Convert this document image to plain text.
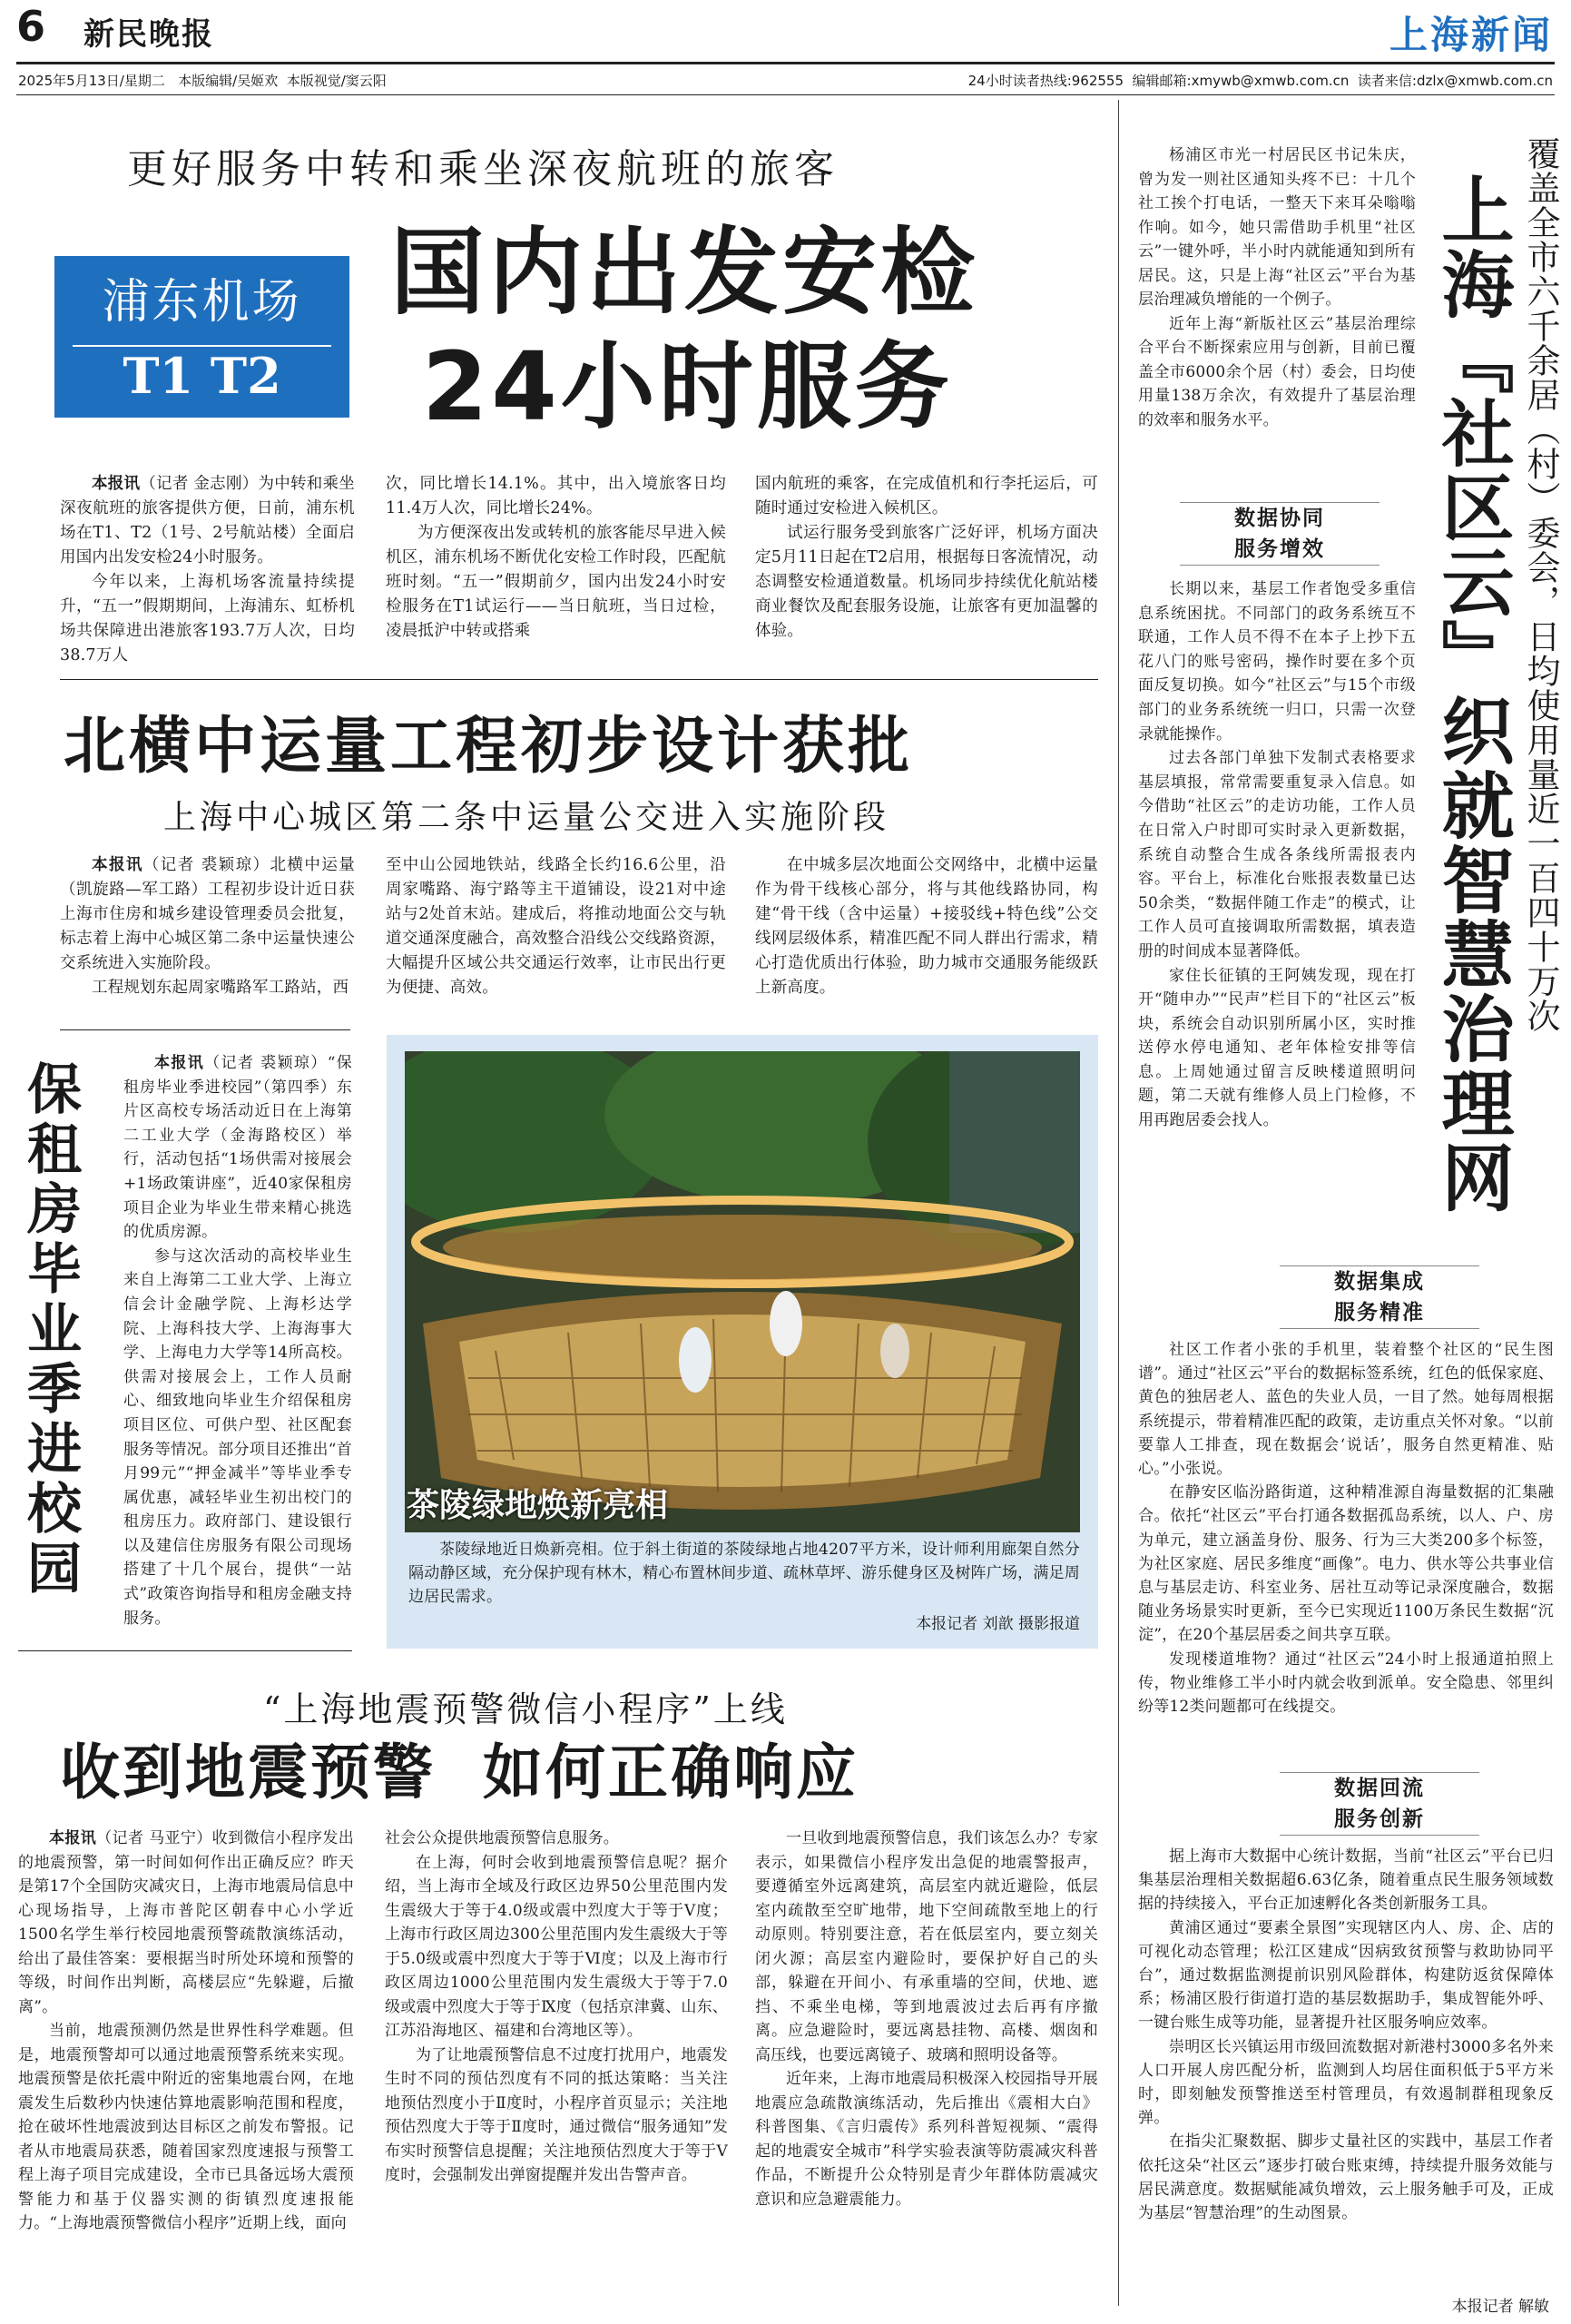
6 新民晚报	上海新闻
2025年5月13日/星期二   本版编辑/吴姬欢  本版视觉/窦云阳	24小时读者热线:962555  编辑邮箱:xmywb@xmwb.com.cn  读者来信:dzlx@xmwb.com.cn
更好服务中转和乘坐深夜航班的旅客
浦东机场
T1 T2
国内出发安检
24小时服务

本报讯（记者 金志刚）为中转和乘坐深夜航班的旅客提供方便，日前，浦东机场在T1、T2（1号、2号航站楼）全面启用国内出发安检24小时服务。

今年以来，上海机场客流量持续提升，“五一”假期期间，上海浦东、虹桥机场共保障进出港旅客193.7万人次，日均38.7万人

次，同比增长14.1%。其中，出入境旅客日均11.4万人次，同比增长24%。

为方便深夜出发或转机的旅客能尽早进入候机区，浦东机场不断优化安检工作时段，匹配航班时刻。“五一”假期前夕，国内出发24小时安检服务在T1试运行——当日航班，当日过检，凌晨抵沪中转或搭乘

国内航班的乘客，在完成值机和行李托运后，可随时通过安检进入候机区。

试运行服务受到旅客广泛好评，机场方面决定5月11日起在T2启用，根据每日客流情况，动态调整安检通道数量。机场同步持续优化航站楼商业餐饮及配套服务设施，让旅客有更加温馨的体验。

北横中运量工程初步设计获批
上海中心城区第二条中运量公交进入实施阶段

本报讯（记者 裘颖琼）北横中运量（凯旋路—军工路）工程初步设计近日获上海市住房和城乡建设管理委员会批复，标志着上海中心城区第二条中运量快速公交系统进入实施阶段。

工程规划东起周家嘴路军工路站，西

至中山公园地铁站，线路全长约16.6公里，沿周家嘴路、海宁路等主干道铺设，设21对中途站与2处首末站。建成后，将推动地面公交与轨道交通深度融合，高效整合沿线公交线路资源，大幅提升区域公共交通运行效率，让市民出行更为便捷、高效。

在中城多层次地面公交网络中，北横中运量作为骨干线核心部分，将与其他线路协同，构建“骨干线（含中运量）+接驳线+特色线”公交线网层级体系，精准匹配不同人群出行需求，精心打造优质出行体验，助力城市交通服务能级跃上新高度。

保租房毕业季进校园	本报讯（记者 裘颖琼）“保租房毕业季进校园”（第四季）东片区高校专场活动近日在上海第二工业大学（金海路校区）举行，活动包括“1场供需对接展会+1场政策讲座”，近40家保租房项目企业为毕业生带来精心挑选的优质房源。

参与这次活动的高校毕业生来自上海第二工业大学、上海立信会计金融学院、上海杉达学院、上海科技大学、上海海事大学、上海电力大学等14所高校。供需对接展会上，工作人员耐心、细致地向毕业生介绍保租房项目区位、可供户型、社区配套服务等情况。部分项目还推出“首月99元”“押金减半”等毕业季专属优惠，减轻毕业生初出校门的租房压力。政府部门、建设银行以及建信住房服务有限公司现场搭建了十几个展台，提供“一站式”政策咨询指导和租房金融支持服务。

茶陵绿地焕新亮相

茶陵绿地近日焕新亮相。位于斜土街道的茶陵绿地占地4207平方米，设计师利用廊架自然分隔动静区域，充分保护现有林木，精心布置林间步道、疏林草坪、游乐健身区及树阵广场，满足周边居民需求。

本报记者 刘歆 摄影报道
“上海地震预警微信小程序”上线
收到地震预警  如何正确响应

本报讯（记者 马亚宁）收到微信小程序发出的地震预警，第一时间如何作出正确反应？昨天是第17个全国防灾减灾日，上海市地震局信息中心现场指导，上海市普陀区朝春中心小学近1500名学生举行校园地震预警疏散演练活动，给出了最佳答案：要根据当时所处环境和预警的等级，时间作出判断，高楼层应“先躲避，后撤离”。

当前，地震预测仍然是世界性科学难题。但是，地震预警却可以通过地震预警系统来实现。地震预警是依托震中附近的密集地震台网，在地震发生后数秒内快速估算地震影响范围和程度，抢在破坏性地震波到达目标区之前发布警报。记者从市地震局获悉，随着国家烈度速报与预警工程上海子项目完成建设，全市已具备远场大震预警能力和基于仪器实测的街镇烈度速报能力。“上海地震预警微信小程序”近期上线，面向

社会公众提供地震预警信息服务。

在上海，何时会收到地震预警信息呢？据介绍，当上海市全域及行政区边界50公里范围内发生震级大于等于4.0级或震中烈度大于等于Ⅴ度；上海市行政区周边300公里范围内发生震级大于等于5.0级或震中烈度大于等于Ⅵ度；以及上海市行政区周边1000公里范围内发生震级大于等于7.0级或震中烈度大于等于Ⅸ度（包括京津冀、山东、江苏沿海地区、福建和台湾地区等）。

为了让地震预警信息不过度打扰用户，地震发生时不同的预估烈度有不同的抵达策略：当关注地预估烈度小于Ⅱ度时，小程序首页显示；关注地预估烈度大于等于Ⅱ度时，通过微信“服务通知”发布实时预警信息提醒；关注地预估烈度大于等于Ⅴ度时，会强制发出弹窗提醒并发出告警声音。

一旦收到地震预警信息，我们该怎么办？专家表示，如果微信小程序发出急促的地震警报声，要遵循室外远离建筑，高层室内就近避险，低层室内疏散至空旷地带，地下空间疏散至地上的行动原则。特别要注意，若在低层室内，要立刻关闭火源；高层室内避险时，要保护好自己的头部，躲避在开间小、有承重墙的空间，伏地、遮挡、不乘坐电梯，等到地震波过去后再有序撤离。应急避险时，要远离悬挂物、高楼、烟囱和高压线，也要远离镜子、玻璃和照明设备等。

近年来，上海市地震局积极深入校园指导开展地震应急疏散演练活动，先后推出《震相大白》科普图集、《言归震传》系列科普短视频、“震得起的地震安全城市”科学实验表演等防震减灾科普作品，不断提升公众特别是青少年群体防震减灾意识和应急避震能力。

覆盖全市六千余居（村）委会，日均使用量近一百四十万次
上海『社区云』织就智慧治理网

杨浦区市光一村居民区书记朱庆，曾为发一则社区通知头疼不已：十几个社工挨个打电话，一整天下来耳朵嗡嗡作响。如今，她只需借助手机里“社区云”一键外呼，半小时内就能通知到所有居民。这，只是上海“社区云”平台为基层治理减负增能的一个例子。

近年上海“新版社区云”基层治理综合平台不断探索应用与创新，目前已覆盖全市6000余个居（村）委会，日均使用量138万余次，有效提升了基层治理的效率和服务水平。

数据协同
服务增效

长期以来，基层工作者饱受多重信息系统困扰。不同部门的政务系统互不联通，工作人员不得不在本子上抄下五花八门的账号密码，操作时要在多个页面反复切换。如今“社区云”与15个市级部门的业务系统统一归口，只需一次登录就能操作。

过去各部门单独下发制式表格要求基层填报，常常需要重复录入信息。如今借助“社区云”的走访功能，工作人员在日常入户时即可实时录入更新数据，系统自动整合生成各条线所需报表内容。平台上，标准化台账报表数量已达50余类，“数据伴随工作走”的模式，让工作人员可直接调取所需数据，填表造册的时间成本显著降低。

家住长征镇的王阿姨发现，现在打开“随申办”“民声”栏目下的“社区云”板块，系统会自动识别所属小区，实时推送停水停电通知、老年体检安排等信息。上周她通过留言反映楼道照明问题，第二天就有维修人员上门检修，不用再跑居委会找人。

数据集成
服务精准

社区工作者小张的手机里，装着整个社区的“民生图谱”。通过“社区云”平台的数据标签系统，红色的低保家庭、黄色的独居老人、蓝色的失业人员，一目了然。她每周根据系统提示，带着精准匹配的政策，走访重点关怀对象。“以前要靠人工排查，现在数据会‘说话’，服务自然更精准、贴心。”小张说。

在静安区临汾路街道，这种精准源自海量数据的汇集融合。依托“社区云”平台打通各数据孤岛系统，以人、户、房为单元，建立涵盖身份、服务、行为三大类200多个标签，为社区家庭、居民多维度“画像”。电力、供水等公共事业信息与基层走访、科室业务、居社互动等记录深度融合，数据随业务场景实时更新，至今已实现近1100万条民生数据“沉淀”，在20个基层居委之间共享互联。

发现楼道堆物？通过“社区云”24小时上报通道拍照上传，物业维修工半小时内就会收到派单。安全隐患、邻里纠纷等12类问题都可在线提交。

数据回流
服务创新

据上海市大数据中心统计数据，当前“社区云”平台已归集基层治理相关数据超6.63亿条，随着重点民生服务领域数据的持续接入，平台正加速孵化各类创新服务工具。

黄浦区通过“要素全景图”实现辖区内人、房、企、店的可视化动态管理；松江区建成“因病致贫预警与救助协同平台”，通过数据监测提前识别风险群体，构建防返贫保障体系；杨浦区股行街道打造的基层数据助手，集成智能外呼、一键台账生成等功能，显著提升社区服务响应效率。

崇明区长兴镇运用市级回流数据对新港村3000多名外来人口开展人房匹配分析，监测到人均居住面积低于5平方米时，即刻触发预警推送至村管理员，有效遏制群租现象反弹。

在指尖汇聚数据、脚步丈量社区的实践中，基层工作者依托这朵“社区云”逐步打破台账束缚，持续提升服务效能与居民满意度。数据赋能减负增效，云上服务触手可及，正成为基层“智慧治理”的生动图景。

本报记者 解敏
